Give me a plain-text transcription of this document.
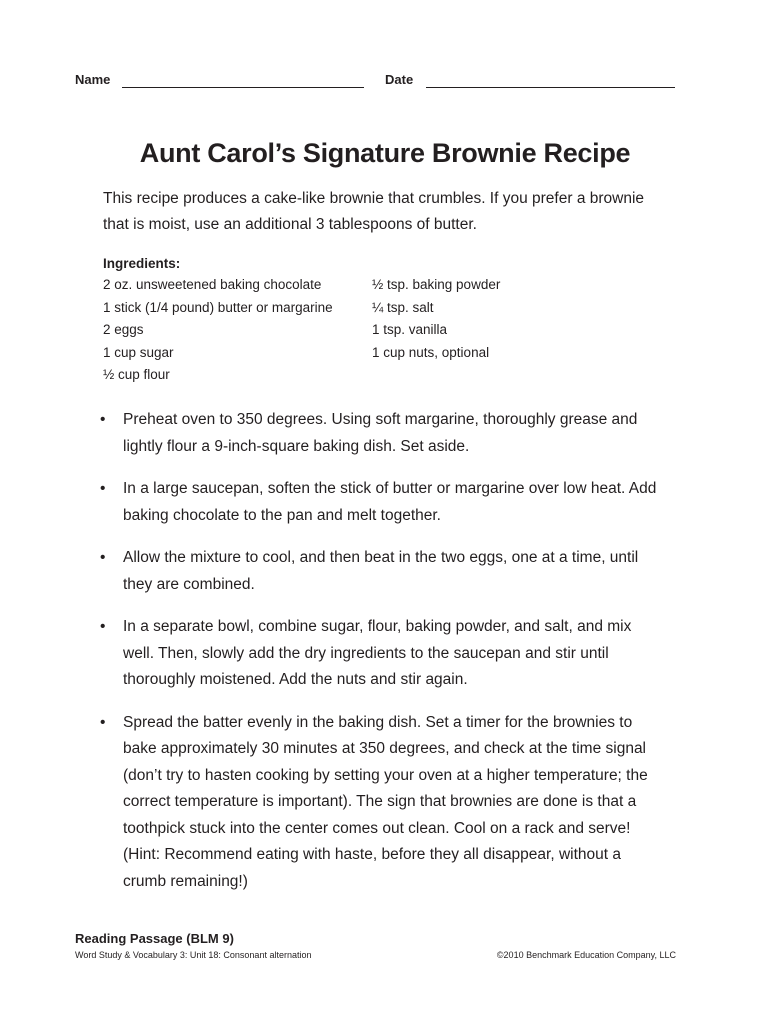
Name	Date
Aunt Carol’s Signature Brownie Recipe

This recipe produces a cake-like brownie that crumbles. If you prefer a brownie that is moist, use an additional 3 tablespoons of butter.

Ingredients:
2 oz. unsweetened baking chocolate
1 stick (1/4 pound) butter or margarine
2 eggs
1 cup sugar
½ cup flour
½ tsp. baking powder
¼ tsp. salt
1 tsp. vanilla
1 cup nuts, optional
• Preheat oven to 350 degrees. Using soft margarine, thoroughly grease and lightly flour a 9-inch-square baking dish. Set aside.
• In a large saucepan, soften the stick of butter or margarine over low heat. Add baking chocolate to the pan and melt together.
• Allow the mixture to cool, and then beat in the two eggs, one at a time, until they are combined.
• In a separate bowl, combine sugar, flour, baking powder, and salt, and mix well. Then, slowly add the dry ingredients to the saucepan and stir until thoroughly moistened. Add the nuts and stir again.
• Spread the batter evenly in the baking dish. Set a timer for the brownies to bake approximately 30 minutes at 350 degrees, and check at the time signal (don’t try to hasten cooking by setting your oven at a higher temperature; the correct temperature is important). The sign that brownies are done is that a toothpick stuck into the center comes out clean. Cool on a rack and serve! (Hint: Recommend eating with haste, before they all disappear, without a crumb remaining!)
Reading Passage (BLM 9)
Word Study & Vocabulary 3: Unit 18: Consonant alternation	©2010 Benchmark Education Company, LLC
